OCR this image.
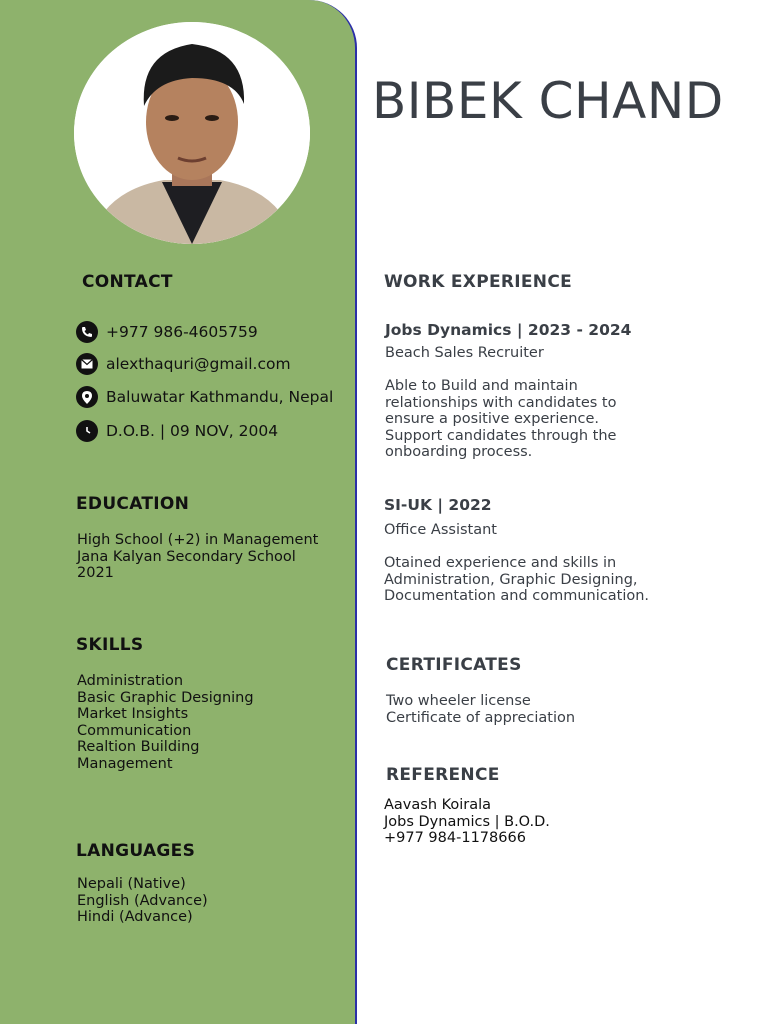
CONTACT
+977 986-4605759
alexthaquri@gmail.com
Baluwatar Kathmandu, Nepal
D.O.B. | 09 NOV, 2004
EDUCATION
High School (+2) in Management
Jana Kalyan Secondary School
2021
SKILLS
Administration
Basic Graphic Designing
Market Insights
Communication
Realtion Building
Management
LANGUAGES
Nepali (Native)
English (Advance)
Hindi (Advance)
BIBEK CHAND
WORK EXPERIENCE
Jobs Dynamics | 2023 - 2024
Beach Sales Recruiter
Able to Build and maintain
relationships with candidates to
ensure a positive experience.
Support candidates through the
onboarding process.
SI-UK | 2022
Office Assistant
Otained experience and skills in
Administration, Graphic Designing,
Documentation and communication.
CERTIFICATES
Two wheeler license
Certificate of appreciation
REFERENCE
Aavash Koirala
Jobs Dynamics | B.O.D.
+977 984-1178666
